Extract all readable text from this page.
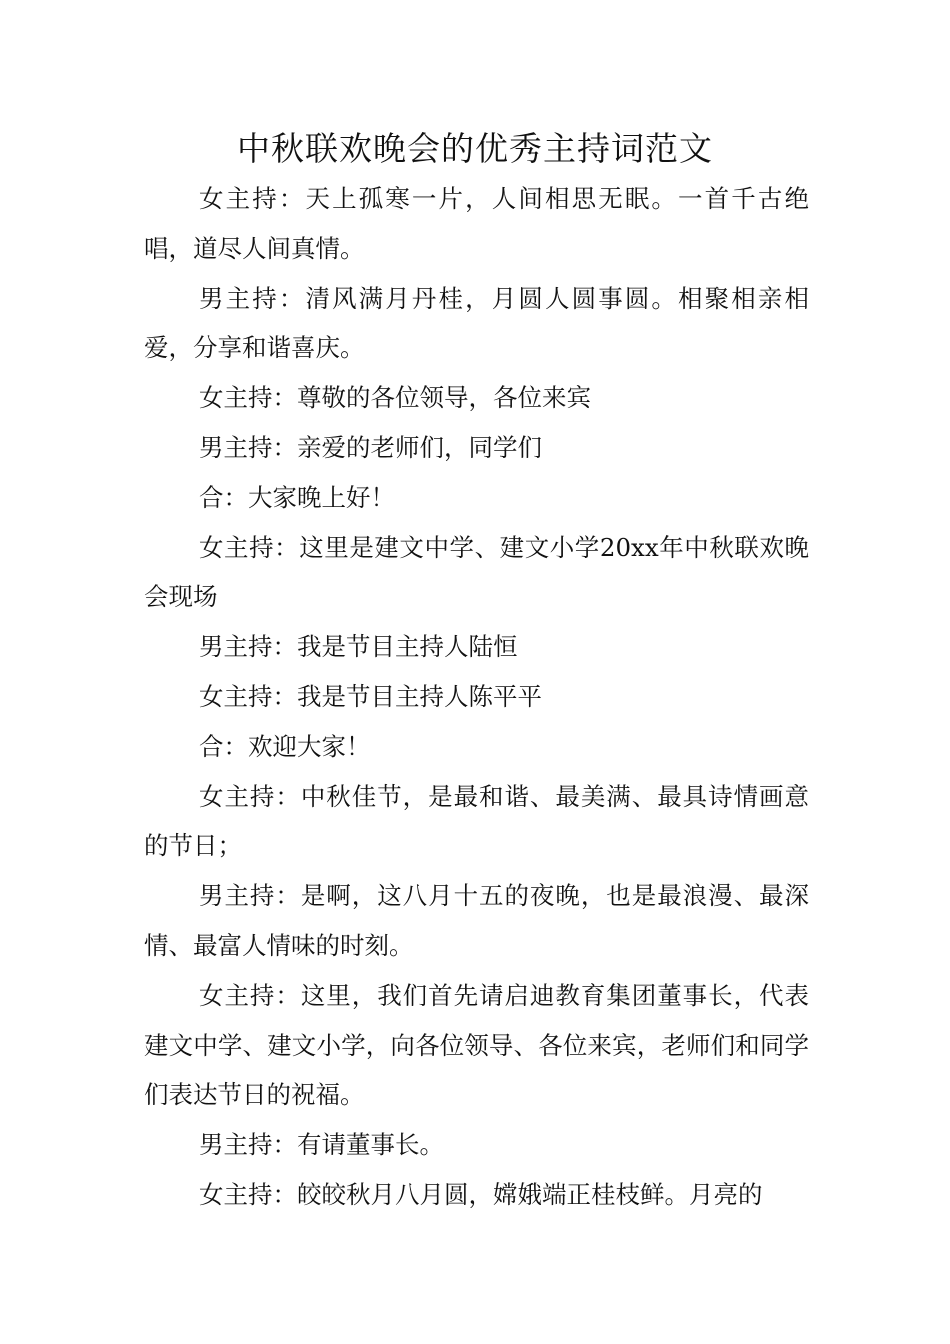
中秋联欢晚会的优秀主持词范文

女主持：天上孤寒一片，人间相思无眠。一首千古绝唱，道尽人间真情。

男主持：清风满月丹桂，月圆人圆事圆。相聚相亲相爱，分享和谐喜庆。

女主持：尊敬的各位领导，各位来宾

男主持：亲爱的老师们，同学们

合：大家晚上好！

女主持：这里是建文中学、建文小学20xx年中秋联欢晚会现场

男主持：我是节目主持人陆恒

女主持：我是节目主持人陈平平

合：欢迎大家！

女主持：中秋佳节，是最和谐、最美满、最具诗情画意的节日；

男主持：是啊，这八月十五的夜晚，也是最浪漫、最深情、最富人情味的时刻。

女主持：这里，我们首先请启迪教育集团董事长，代表建文中学、建文小学，向各位领导、各位来宾，老师们和同学们表达节日的祝福。

男主持：有请董事长。

女主持：皎皎秋月八月圆，嫦娥端正桂枝鲜。月亮的
